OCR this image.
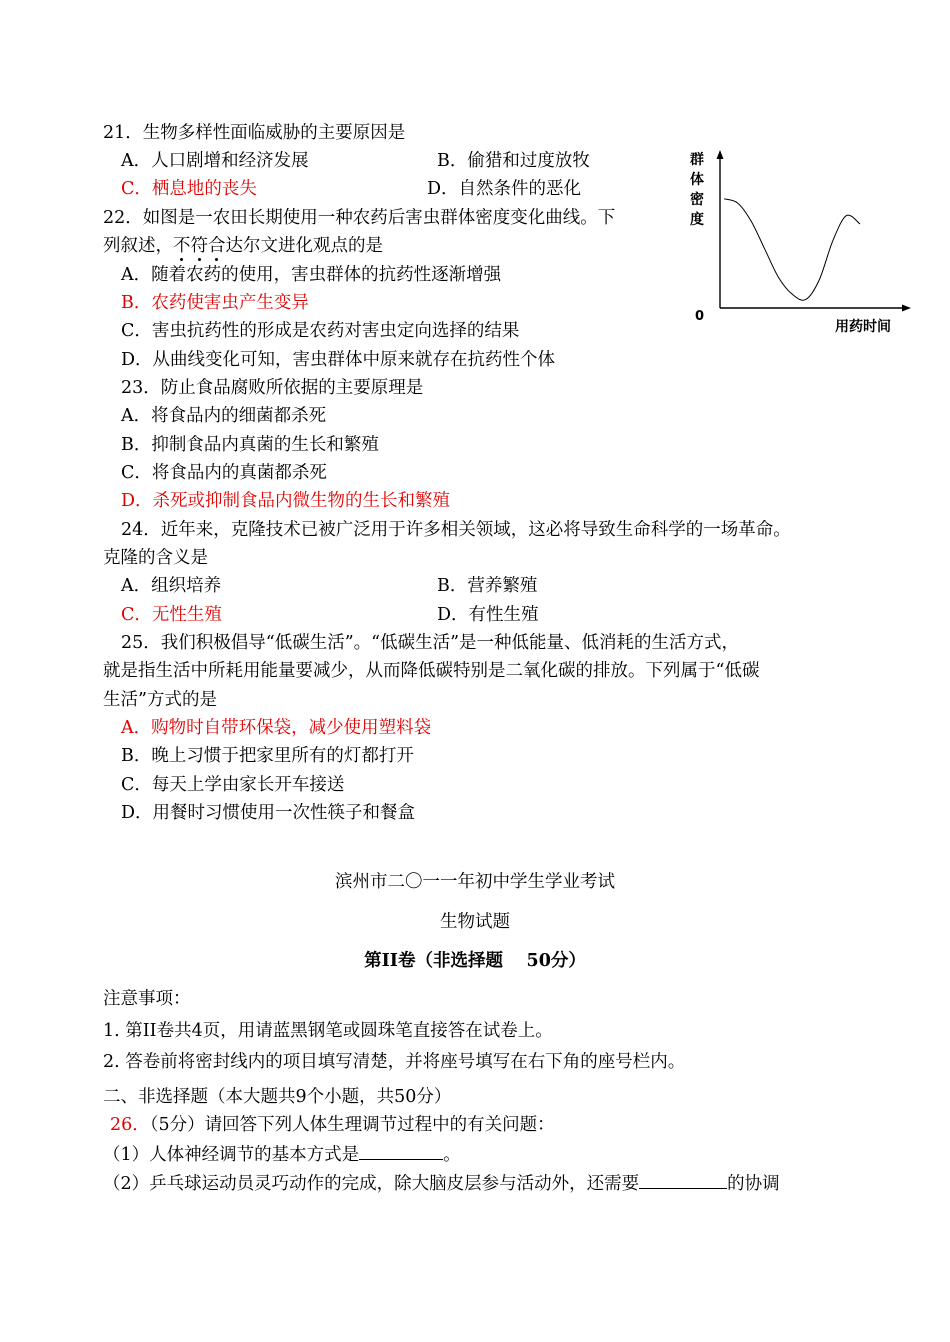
21．生物多样性面临威胁的主要原因是
A．人口剧增和经济发展	B．偷猎和过度放牧
C．栖息地的丧失	D．自然条件的恶化
22．如图是一农田长期使用一种农药后害虫群体密度变化曲线。下
列叙述，不符合达尔文进化观点的是
A．随着农药的使用，害虫群体的抗药性逐渐增强
B．农药使害虫产生变异
C．害虫抗药性的形成是农药对害虫定向选择的结果
D．从曲线变化可知，害虫群体中原来就存在抗药性个体
群
体
密
度
0
用药时间
23．防止食品腐败所依据的主要原理是
A．将食品内的细菌都杀死
B．抑制食品内真菌的生长和繁殖
C．将食品内的真菌都杀死
D．杀死或抑制食品内微生物的生长和繁殖
24．近年来，克隆技术已被广泛用于许多相关领域，这必将导致生命科学的一场革命。
克隆的含义是
A．组织培养	B．营养繁殖
C．无性生殖	D．有性生殖
25．我们积极倡导“低碳生活”。“低碳生活”是一种低能量、低消耗的生活方式，
就是指生活中所耗用能量要减少，从而降低碳特别是二氧化碳的排放。下列属于“低碳
生活”方式的是
A．购物时自带环保袋，减少使用塑料袋
B．晚上习惯于把家里所有的灯都打开
C．每天上学由家长开车接送
D．用餐时习惯使用一次性筷子和餐盒
滨州市二〇一一年初中学生学业考试
生物试题
第II卷（非选择题　 50分）
注意事项：
1. 第II卷共4页，用请蓝黑钢笔或圆珠笔直接答在试卷上。
2. 答卷前将密封线内的项目填写清楚，并将座号填写在右下角的座号栏内。
二、非选择题（本大题共9个小题，共50分）
26．（5分）请回答下列人体生理调节过程中的有关问题：
（1）人体神经调节的基本方式是	。
（2）乒乓球运动员灵巧动作的完成，除大脑皮层参与活动外，还需要	的协调
